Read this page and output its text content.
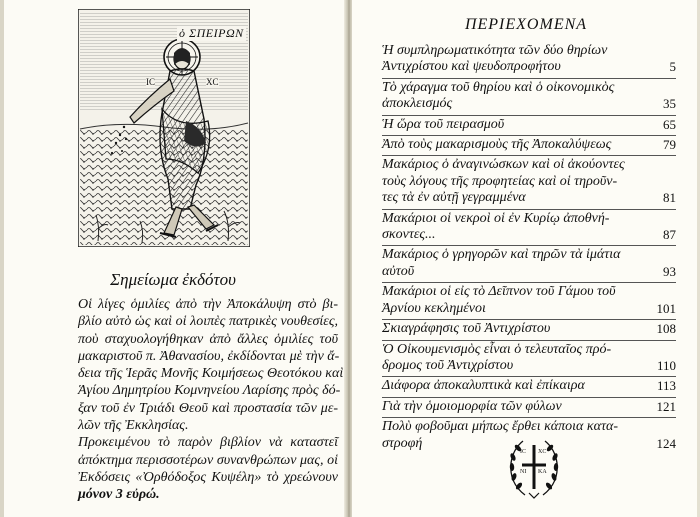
ὁ ΣΠΕΙΡΩΝ
ΙC	XC
Σημείωμα ἐκδότου

Οἱ λίγες ὁμιλίες ἀπὸ τὴν Ἀποκάλυψη στὸ βι-
βλίο αὐτὸ ὡς καὶ οἱ λοιπὲς πατρικὲς νουθεσίες,
ποὺ σταχυολογήθηκαν ἀπὸ ἄλλες ὁμιλίες τοῦ
μακαριστοῦ π. Ἀθανασίου, ἐκδίδονται μὲ τὴν ἄ-
δεια τῆς Ἱερᾶς Μονῆς Κοιμήσεως Θεοτόκου καὶ
Ἁγίου Δημητρίου Κομνηνείου Λαρίσης πρὸς δό-
ξαν τοῦ ἐν Τριάδι Θεοῦ καὶ προστασία τῶν με-
λῶν τῆς Ἐκκλησίας.

Προκειμένου τὸ παρὸν βιβλίον νὰ καταστεῖ
ἀπόκτημα περισσοτέρων συνανθρώπων μας, οἱ
Ἐκδόσεις «Ὀρθόδοξος Κυψέλη» τὸ χρεώνουν
μόνον 3 εὐρώ.

ΠΕΡΙΕΧΟΜΕΝΑ
Ἡ συμπληρωματικότητα τῶν δύο θηρίων
Ἀντιχρίστου καὶ ψευδοπροφήτου	5
Τὸ χάραγμα τοῦ θηρίου καὶ ὁ οἰκονομικὸς
ἀποκλεισμός	35
Ἡ ὥρα τοῦ πειρασμοῦ	65
Ἀπὸ τοὺς μακαρισμοὺς τῆς Ἀποκαλύψεως	79
Μακάριος ὁ ἀναγινώσκων καὶ οἱ ἀκούοντες
τοὺς λόγους τῆς προφητείας καὶ οἱ τηροῦν-
τες τὰ ἐν αὐτῇ γεγραμμένα	81
Μακάριοι οἱ νεκροὶ οἱ ἐν Κυρίῳ ἀποθνή-
σκοντες...	87
Μακάριος ὁ γρηγορῶν καὶ τηρῶν τὰ ἱμάτια
αὐτοῦ	93
Μακάριοι οἱ εἰς τὸ Δεῖπνον τοῦ Γάμου τοῦ
Ἀρνίου κεκλημένοι	101
Σκιαγράφησις τοῦ Ἀντιχρίστου	108
Ὁ Οἰκουμενισμὸς εἶναι ὁ τελευταῖος πρό-
δρομος τοῦ Ἀντιχρίστου	110
Διάφορα ἀποκαλυπτικὰ καὶ ἐπίκαιρα	113
Γιὰ τὴν ὁμοιομορφία τῶν φύλων	121
Πολὺ φοβοῦμαι μήπως ἔρθει κάποια κατα-
στροφή	124
IC XC
NI KA
